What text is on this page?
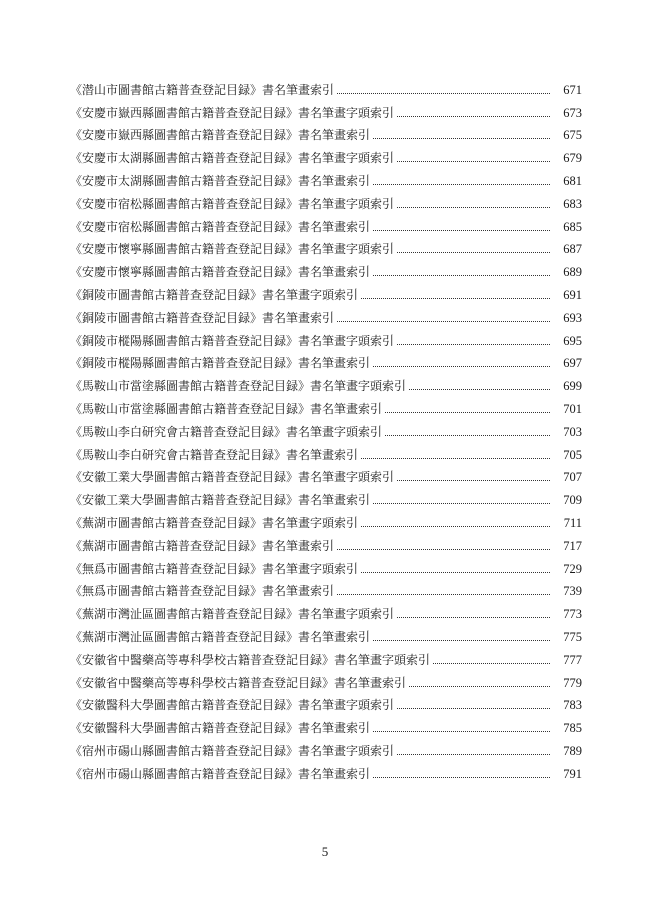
《潜山市圖書館古籍普查登記目録》書名筆畫索引	671
《安慶市嶽西縣圖書館古籍普查登記目録》書名筆畫字頭索引	673
《安慶市嶽西縣圖書館古籍普查登記目録》書名筆畫索引	675
《安慶市太湖縣圖書館古籍普查登記目録》書名筆畫字頭索引	679
《安慶市太湖縣圖書館古籍普查登記目録》書名筆畫索引	681
《安慶市宿松縣圖書館古籍普查登記目録》書名筆畫字頭索引	683
《安慶市宿松縣圖書館古籍普查登記目録》書名筆畫索引	685
《安慶市懷寧縣圖書館古籍普查登記目録》書名筆畫字頭索引	687
《安慶市懷寧縣圖書館古籍普查登記目録》書名筆畫索引	689
《銅陵市圖書館古籍普查登記目録》書名筆畫字頭索引	691
《銅陵市圖書館古籍普查登記目録》書名筆畫索引	693
《銅陵市樅陽縣圖書館古籍普查登記目録》書名筆畫字頭索引	695
《銅陵市樅陽縣圖書館古籍普查登記目録》書名筆畫索引	697
《馬鞍山市當塗縣圖書館古籍普查登記目録》書名筆畫字頭索引	699
《馬鞍山市當塗縣圖書館古籍普查登記目録》書名筆畫索引	701
《馬鞍山李白研究會古籍普查登記目録》書名筆畫字頭索引	703
《馬鞍山李白研究會古籍普查登記目録》書名筆畫索引	705
《安徽工業大學圖書館古籍普查登記目録》書名筆畫字頭索引	707
《安徽工業大學圖書館古籍普查登記目録》書名筆畫索引	709
《蕪湖市圖書館古籍普查登記目録》書名筆畫字頭索引	711
《蕪湖市圖書館古籍普查登記目録》書名筆畫索引	717
《無爲市圖書館古籍普查登記目録》書名筆畫字頭索引	729
《無爲市圖書館古籍普查登記目録》書名筆畫索引	739
《蕪湖市灣沚區圖書館古籍普查登記目録》書名筆畫字頭索引	773
《蕪湖市灣沚區圖書館古籍普查登記目録》書名筆畫索引	775
《安徽省中醫藥高等專科學校古籍普查登記目録》書名筆畫字頭索引	777
《安徽省中醫藥高等專科學校古籍普查登記目録》書名筆畫索引	779
《安徽醫科大學圖書館古籍普查登記目録》書名筆畫字頭索引	783
《安徽醫科大學圖書館古籍普查登記目録》書名筆畫索引	785
《宿州市碭山縣圖書館古籍普查登記目録》書名筆畫字頭索引	789
《宿州市碭山縣圖書館古籍普查登記目録》書名筆畫索引	791
5
